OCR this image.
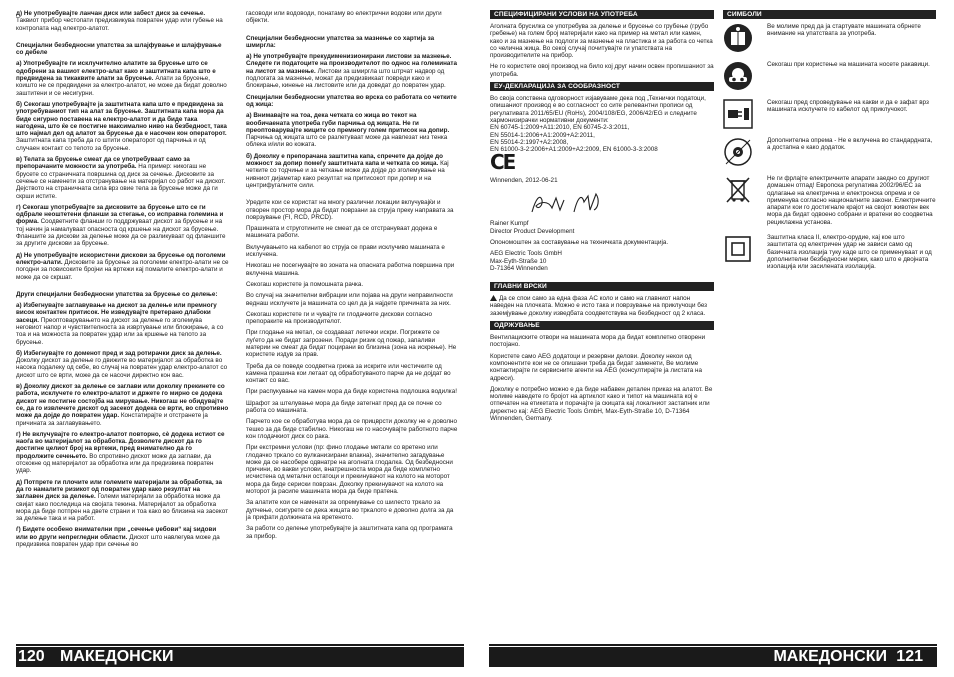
д) Не употребувајте ланчан диск или забест диск за сечење. Таквиот прибор честопати предизвикува повратен удар или губење на контролата над електро-алатот.

Специјални безбедносни упатства за шлајфување и шлајфување со дебеле

а) Употребувајте ги исклучително алатите за брусење што се одобрени за вашиот електро-алат како и заштитната капа што е предвидена за тикаквите алати за брусење. Алати за брусење, коишто не се предвидени за електро-алатот, не може да бидат доволно заштитени и се несигурни.

б) Секогаш употребувајте ја заштитната капа што е предвидена за употребуваниот тип на алат за брусење. Заштитната капа мора да биде сигурно поставена на електро-алатот и да биде така нагодена, што ќе се постигне максимално ниво на безбедност, така што најмал дел од алатот за брусење да е насочен кон операторот. Заштитната капа треба да го штити операторот од парчиња и од случаен контакт со телото за брусење.

в) Телата за брусење смеат да се употребуваат само за препорачаните можности за употреба. На пример: никогаш не брусете со страничната површина од диск за сечење. Дисковите за сечење се наменети за отстранување на материјал со работ на дискот. Дејството на страничната сила врз овие тела за брусење може да ги скрши истите.

г) Секогаш употребувајте за дисковите за брусење што се ги одбрале неоштетени фланши за стегање, со исправна големина и форма. Соодветните фланши го поддржуваат дискот за брусење и на тој начин ја намалуваат опасноста од кршење на дискот за брусење. Фланшите за дискови за делење може да се разликуваат од фланшите за другите дискови за брусење.

д) Не употребувајте искористени дискови за брусење од поголеми електро-алати. Дисковите за брусење за поголеми електро-алати не се погодни за повисоките бројни на вртежи кај помалите електро-алати и може да се скршат.

Други специјални безбедносни упатства за брусење со делење:

а) Избегнувајте заглавување на дискот за делење или премногу висок контактен притисок. Не изведувајте претерано длабоки засеци. Преоптоварувањето на дискот за делење го зголемува неговиот напор и чувствителноста за извртување или блокирање, а со тоа и на можноста за повратен удар или за кршење на телото за брусење.

б) Избегнувајте го доменот пред и зад ротирачки диск за делење. Доколку дискот за делење го движите во материјалот за обработка во насока подалеку од себе, во случај на повратен удар електро-алатот со дискот што се врти, може да се насочи директно кон вас.

в) Доколку дискот за делење се заглави или доколку прекинете со работа, исклучете го електро-алатот и држете го мирно се додека дискот не постигне состојба на мирување. Никогаш не обидувајте се, да го извлечете дискот од засекот додека се врти, во спротивно може да дојде до повратен удар. Констатирајте и отстранете ја причината за заглавувањето.

г) Не вклучувајте го електро-алатот повторно, сè додека истиот се наоѓа во материјалот за обработка. Дозволете дискот да го достигне целиот број на вртежи, пред внимателно да го продолжите сечењето. Во спротивно дискот може да заглави, да отскокне од материјалот за обработка или да предизвика повратен удар.

д) Потпрете ги плочите или големите материјали за обработка, за да го намалите ризикот од повратен удар како резултат на заглавен диск за делење. Големи материјали за обработка може да свијат како последица на својата тежина. Материјалот за обработка мора да биде потпрен на двете страни и тоа како во близина на засекот за делење така и на работ.

ѓ) Бидете особено внимателни при „сечење џебови“ кај ѕидови или во други непрегледни области. Дискот што навлегува може да предизвика повратен удар при сечење во

гасоводи или водоводи, понатаму во електрични водови или други објекти.

Специјални безбедносни упатства за мазнење со хартија за шмиргла:

а) Не употребувајте прекудименизионирани листови за мазнење. Следете ги податоците на производителот по однос на големината на листот за мазнење. Листови за шмиргла што штрчат надвор од подлогата за мазнење, можат да предизвикаат повреди како и блокирање, кинење на листовите или да доведат до повратен удар.

Специјални безбедносни упатства во врска со работата со четките од жица:

а) Внимавајте на тоа, дека четката со жица во текот на вообичаената употреба губи парчиња од жицата. Не ги преоптоварувајте жиците со премногу голем притисок на допир. Парчиња од жицата што се разлетуваат може да навлезат низ тенка облека и/или во кожата.

б) Доколку е препорачана заштитна капа, спречете да дојде до можност за допир помеѓу заштитната капа и четката со жица. Кај четките со тодчиње и за четкање може да дојде до зголемување на нивниот дијаметар како резултат на притисокот при допир и на центрифугалните сили.

Уредите кои се користат на многу различни локации вклучувајќи и отворен простор мора да бидат поврзани за струја преку направата за поврзување (FI, RCD, PRCD).

Прашината и струготините не смеат да се отстрануваат додека е машината работи.

Вклучувањето на кабелот во струја се прави исклучиво машината е исклучена.

Никогаш не посегнувајте во зоната на опасната работна површина при вклучена машина.

Секогаш користете ја помошната рачка.

Во случај на значителни вибрации или појава на други неправилности веднаш исклучете ја машината со цел да ја најдете причината за них.

Секогаш користете ги и чувајте ги глодачките дискови согласно препораките на производителот.

При глодање на метал, се создаваат летечки искри. Погрижете се луѓето да не бидат загрозени. Поради ризик од пожар, запаливи материи не смеат да бидат поцирани во близина (зона на искрење). Не користете издув за прав.

Треба да се поведе соодветна грижа за искрите или честичките од камена прашина кои летаат од обработуваното парче да не дојдат во контакт со вас.

При распукување на камен мора да биде користена подлошка водилка!

Шрафот за штелување мора да биде затегнат пред да се почне со работа со машината.

Парчето кое се обработува мора да се прицврсти доколку не е доволно тешко за да биде стабилно. Никогаш не го насочувајте работното парче кон глодачкиот диск со рака.

При екстремни услови (пр: фино глодање метали со вретено или глодачко тркало со вулканизирани влакна), значително загадување може да се насобере одвнатре на аголната глодалка. Од безбедносни причини, во вакви услови, внатрешноста мора да биде комплетно исчистена од метални остатоци и прекинувачот на колото на моторот мора да биде сериски поврзан. Доколку прекинувачот на колото на моторот ја расипе машината мора да биде пратена.

За алатите кои се наменати за опремување со шилесто тркало за дупчење, осигурете се дека жицата во тркалото е доволно долга за да ја прифати должината на вретеното.

За работи со делење употребувајте ја заштитната капа од програмата за прибор.

СПЕЦИФИЦИРАНИ УСЛОВИ НА УПОТРЕБА

Аголната брусилка се употребува за делење и брусење со грубење (грубо гребење) на голем број материјали како на пример на метал или камен, како и за мазнење на подлоги за мазнење на пластика и за работа со четка со челична жица. Во секој случај почитувајте ги упатствата на производителите на прибор.

Не го користете овој производ на било кој друг начин освен пропишаниот за употреба.

ЕУ-ДЕКЛАРАЦИЈА ЗА СООБРАЗНОСТ

Во своја сопствена одговорност изјавуваме дека под „Технички податоци, опишаниот производ е во согласност со сите релевантни прописи од регулативата 2011/65/EU (RoHs), 2004/108/EG, 2006/42/EG и следните хармонизирачки нормативни документи:

EN 60745-1:2009+A11:2010, EN 60745-2-3:2011,
EN 55014-1:2006+A1:2009+A2:2011,
EN 55014-2:1997+A2:2008,
EN 61000-3-2:2006+A1:2009+A2:2009, EN 61000-3-3:2008
CE
Winnenden, 2012-06-21
Rainer Kumpf
Director Product Development
Опономоштен за составување на техничката документација.
AEG Electric Tools GmbH
Max-Eyth-Straße 10
D-71364 Winnenden
ГЛАВНИ ВРСКИ

Да се спои само за една фаза AC коло и само на главниот напон наведен на плочката. Можно е исто така и поврзување на приклучоци без заземјување доколку изведбата соодветствува на безбедност од 2 класа.

ОДРЖУВАЊЕ

Вентилациските отвори на машината мора да бидат комплетно отворени постојано.

Користете само AEG додатоци и резервни делови. Доколку некои од компонентите кои не се опишани треба да бидат заменети, Ве молиме контактирајте ги сервисните агенти на AEG (консултирајте ја листата на адреси).

Доколку е потребно можно е да биде набавен детален приказ на алатот. Ве молиме наведете го бројот на артиклот како и типот на машината кој е отпечатен на етикетата и порачајте ја скицата кај локалниот застапник или директно кај: AEG Electric Tools GmbH, Max-Eyth-Straße 10, D-71364 Winnenden, Germany.

СИМБОЛИ
Ве молиме пред да ја стартувате машината обрнете внимание на упатствата за употреба.
Секогаш при користење на машината носете ракавици.
Секогаш пред спроведување на какви и да е зафат врз машината исклучете го кабелот од приклучокот.
Дополнителна опрема - Не е вклучена во стандардната, а достапна е како додаток.
Не ги фрлајте електричните апарати заедно со другиот домашен отпад! Европска регулатива 2002/96/ЕС за одлагање на електрична и електронска опрема и се применува согласно националните закони. Електричните апарати кои го достигнале крајот на својот животен век мора да бидат одвоено собрани и вратени во соодветна рециклажна установа.
Заштитна класа II, електро-орудие, кај кое што заштитата од електричен удар не зависи само од базичната изолација туку каде што се применуваат и од дополнителни безбедносни мерки, како што е двојната изолација или засилената изолација.
120 МАКЕДОНСКИ	МАКЕДОНСКИ 121
